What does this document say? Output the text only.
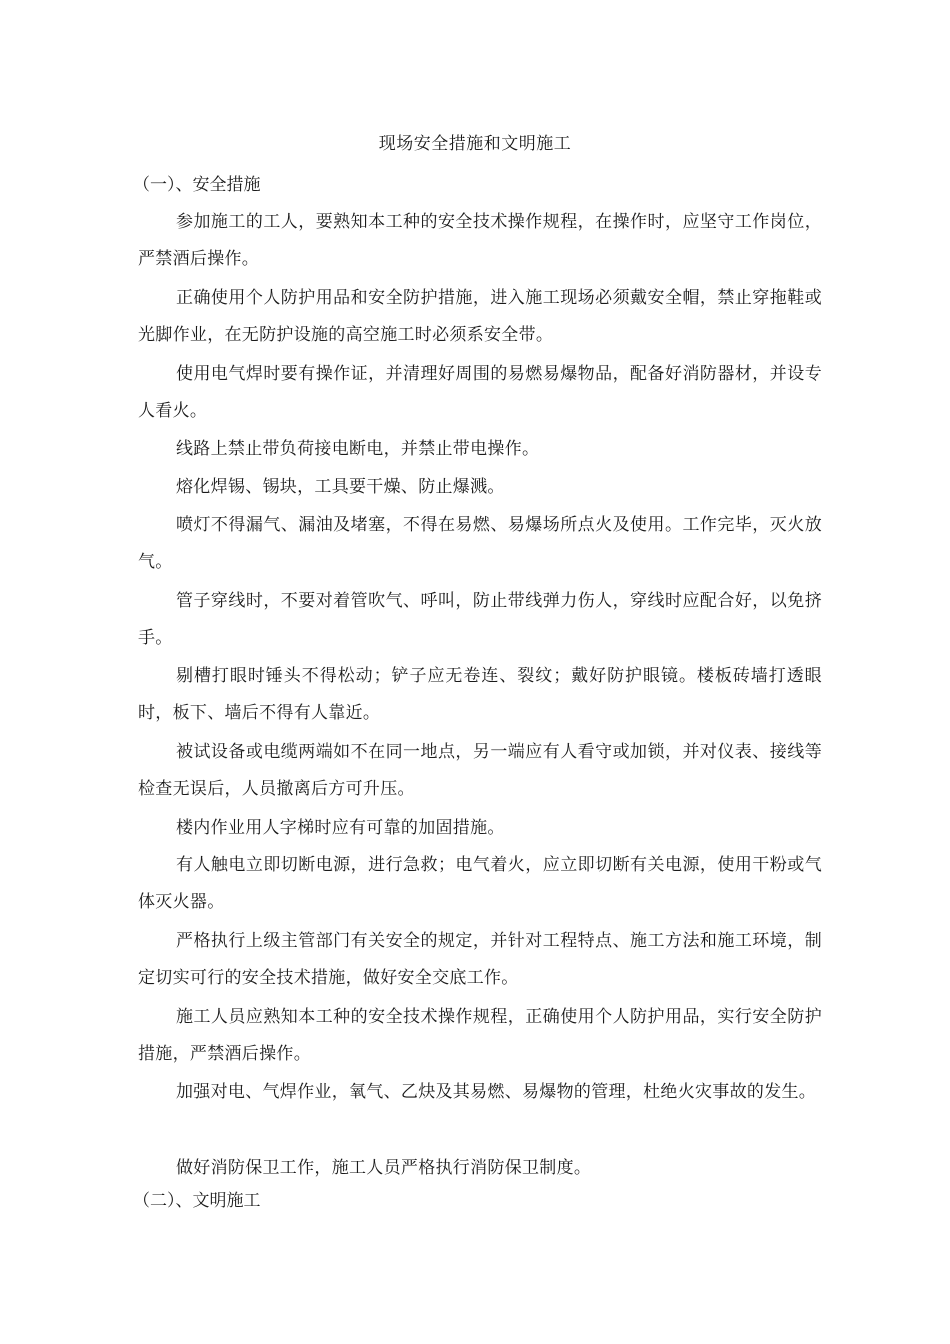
现场安全措施和文明施工
（一）、安全措施
参加施工的工人，要熟知本工种的安全技术操作规程，在操作时，应坚守工作岗位，严禁酒后操作。
正确使用个人防护用品和安全防护措施，进入施工现场必须戴安全帽，禁止穿拖鞋或光脚作业，在无防护设施的高空施工时必须系安全带。
使用电气焊时要有操作证，并清理好周围的易燃易爆物品，配备好消防器材，并设专人看火。
线路上禁止带负荷接电断电，并禁止带电操作。
熔化焊锡、锡块，工具要干燥、防止爆溅。
喷灯不得漏气、漏油及堵塞，不得在易燃、易爆场所点火及使用。工作完毕，灭火放气。
管子穿线时，不要对着管吹气、呼叫，防止带线弹力伤人，穿线时应配合好，以免挤手。
剔槽打眼时锤头不得松动；铲子应无卷连、裂纹；戴好防护眼镜。楼板砖墙打透眼时，板下、墙后不得有人靠近。
被试设备或电缆两端如不在同一地点，另一端应有人看守或加锁，并对仪表、接线等检查无误后，人员撤离后方可升压。
楼内作业用人字梯时应有可靠的加固措施。
有人触电立即切断电源，进行急救；电气着火，应立即切断有关电源，使用干粉或气体灭火器。
严格执行上级主管部门有关安全的规定，并针对工程特点、施工方法和施工环境，制定切实可行的安全技术措施，做好安全交底工作。
施工人员应熟知本工种的安全技术操作规程，正确使用个人防护用品，实行安全防护措施，严禁酒后操作。
加强对电、气焊作业，氧气、乙炔及其易燃、易爆物的管理，杜绝火灾事故的发生。
做好消防保卫工作，施工人员严格执行消防保卫制度。
（二）、文明施工
